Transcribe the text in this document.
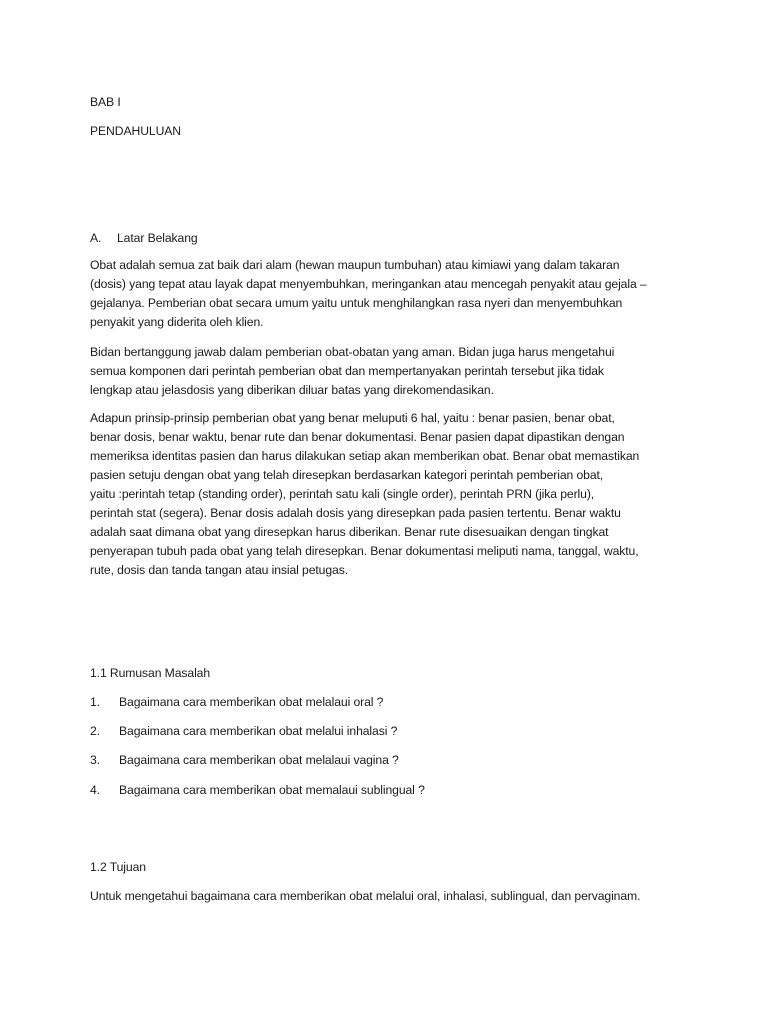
BAB I
PENDAHULUAN
A. Latar Belakang
Obat adalah semua zat baik dari alam (hewan maupun tumbuhan) atau kimiawi yang dalam takaran
(dosis) yang tepat atau layak dapat menyembuhkan, meringankan atau mencegah penyakit atau gejala –
gejalanya. Pemberian obat secara umum yaitu untuk menghilangkan rasa nyeri dan menyembuhkan
penyakit yang diderita oleh klien.
Bidan bertanggung jawab dalam pemberian obat-obatan yang aman. Bidan juga harus mengetahui
semua komponen dari perintah pemberian obat dan mempertanyakan perintah tersebut jika tidak
lengkap atau jelasdosis yang diberikan diluar batas yang direkomendasikan.
Adapun prinsip-prinsip pemberian obat yang benar meluputi 6 hal, yaitu : benar pasien, benar obat,
benar dosis, benar waktu, benar rute dan benar dokumentasi. Benar pasien dapat dipastikan dengan
memeriksa identitas pasien dan harus dilakukan setiap akan memberikan obat. Benar obat memastikan
pasien setuju dengan obat yang telah diresepkan berdasarkan kategori perintah pemberian obat,
yaitu :perintah tetap (standing order), perintah satu kali (single order), perintah PRN (jika perlu),
perintah stat (segera). Benar dosis adalah dosis yang diresepkan pada pasien tertentu. Benar waktu
adalah saat dimana obat yang diresepkan harus diberikan. Benar rute disesuaikan dengan tingkat
penyerapan tubuh pada obat yang telah diresepkan. Benar dokumentasi meliputi nama, tanggal, waktu,
rute, dosis dan tanda tangan atau insial petugas.
1.1 Rumusan Masalah
1. Bagaimana cara memberikan obat melalaui oral ?
2. Bagaimana cara memberikan obat melalui inhalasi ?
3. Bagaimana cara memberikan obat melalaui vagina ?
4. Bagaimana cara memberikan obat memalaui sublingual ?
1.2 Tujuan
Untuk mengetahui bagaimana cara memberikan obat melalui oral, inhalasi, sublingual, dan pervaginam.
